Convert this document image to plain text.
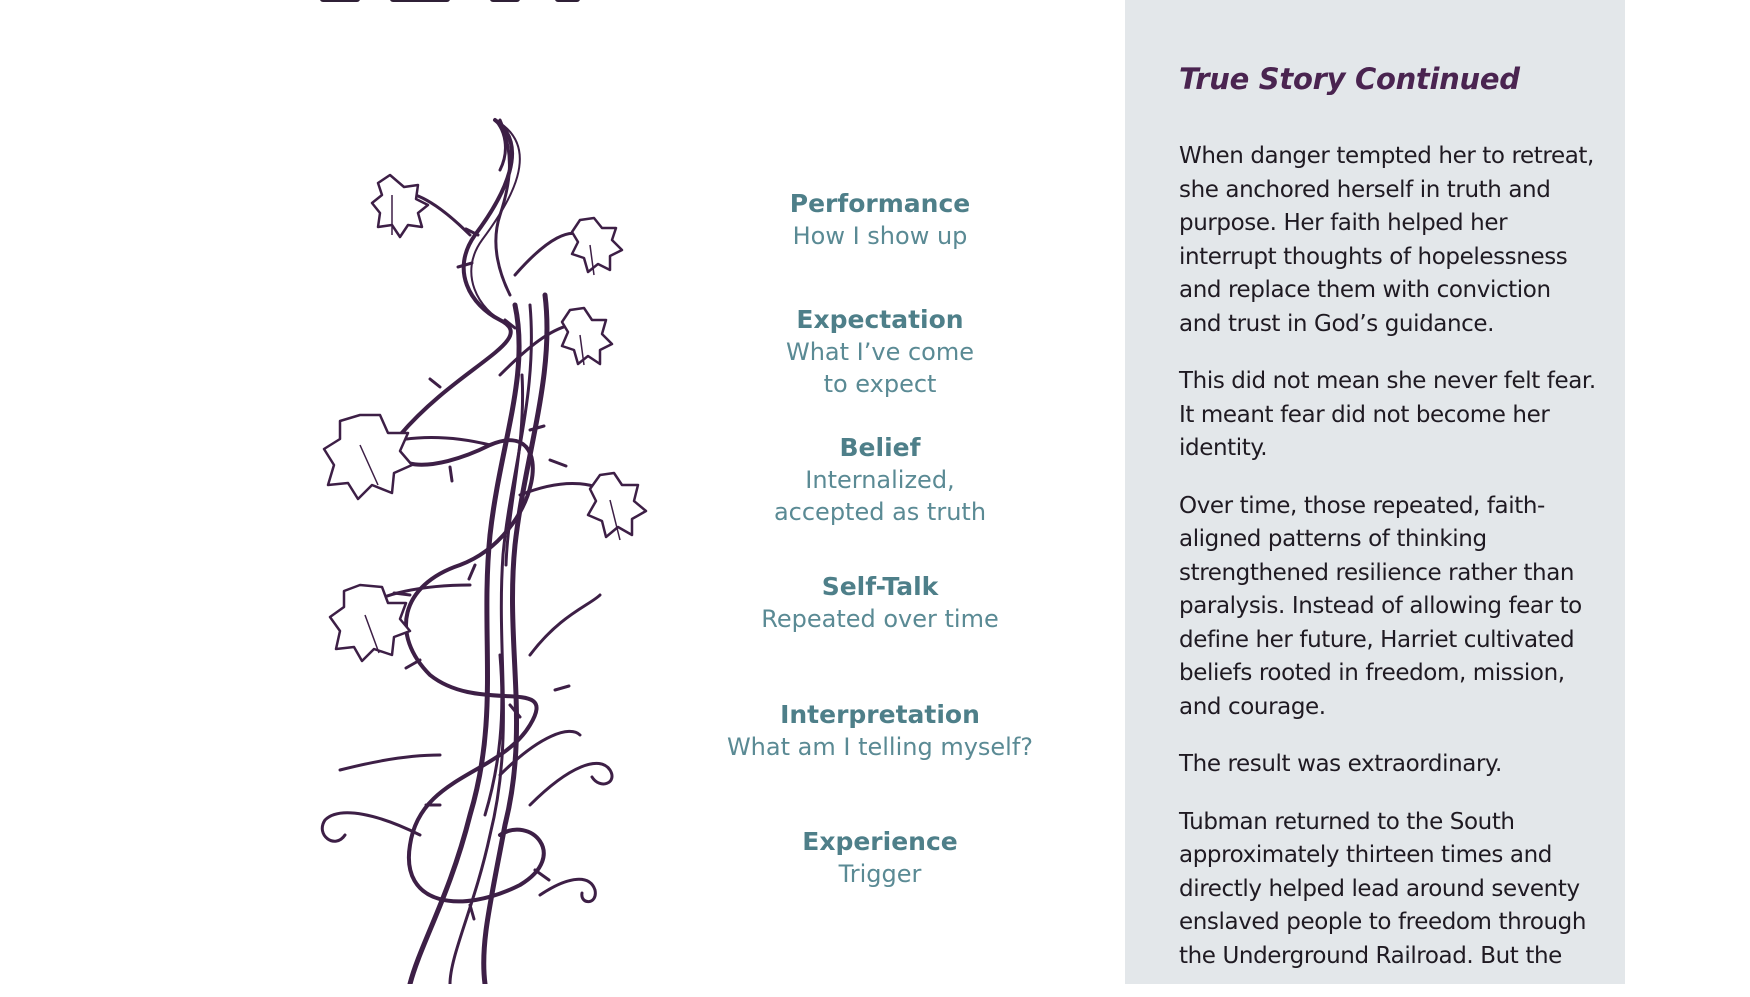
Performance
How I show up
Expectation
What I’ve come
to expect
Belief
Internalized,
accepted as truth
Self-Talk
Repeated over time
Interpretation
What am I telling myself?
Experience
Trigger
True Story Continued

When danger tempted her to retreat, she anchored herself in truth and purpose. Her faith helped her interrupt thoughts of hopelessness and replace them with conviction and trust in God’s guidance.

This did not mean she never felt fear. It meant fear did not become her identity.

Over time, those repeated, faith-aligned patterns of thinking strengthened resilience rather than paralysis. Instead of allowing fear to define her future, Harriet cultivated beliefs rooted in freedom, mission, and courage.

The result was extraordinary.

Tubman returned to the South approximately thirteen times and directly helped lead around seventy enslaved people to freedom through the Underground Railroad. But the
